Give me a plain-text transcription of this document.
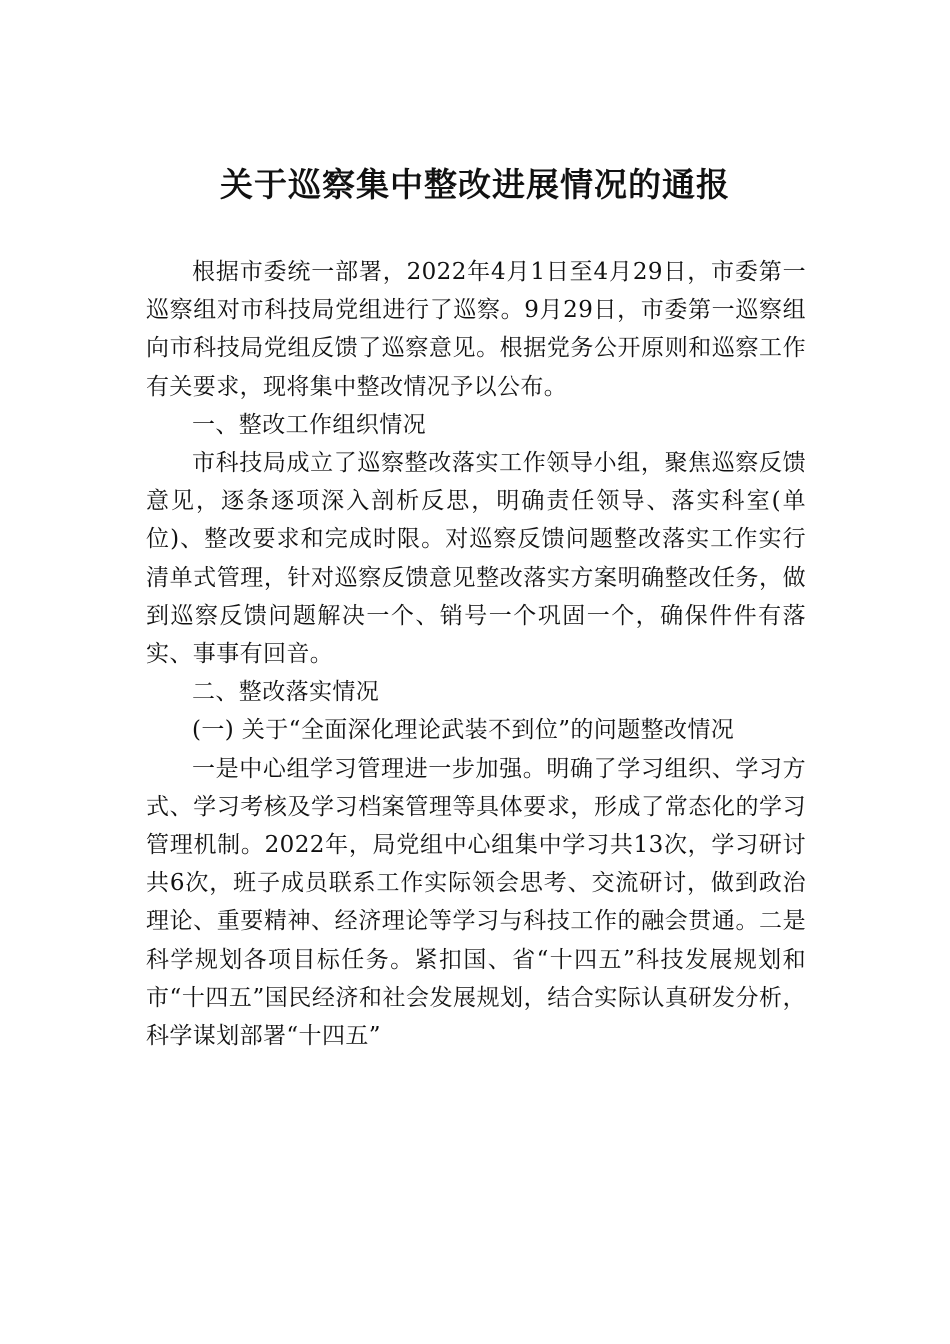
关于巡察集中整改进展情况的通报

根据市委统一部署，2022年4月1日至4月29日，市委第一巡察组对市科技局党组进行了巡察。9月29日，市委第一巡察组向市科技局党组反馈了巡察意见。根据党务公开原则和巡察工作有关要求，现将集中整改情况予以公布。

一、整改工作组织情况

市科技局成立了巡察整改落实工作领导小组，聚焦巡察反馈意见，逐条逐项深入剖析反思，明确责任领导、落实科室(单位)、整改要求和完成时限。对巡察反馈问题整改落实工作实行清单式管理，针对巡察反馈意见整改落实方案明确整改任务，做到巡察反馈问题解决一个、销号一个巩固一个，确保件件有落实、事事有回音。

二、整改落实情况

(一) 关于“全面深化理论武装不到位”的问题整改情况

一是中心组学习管理进一步加强。明确了学习组织、学习方式、学习考核及学习档案管理等具体要求，形成了常态化的学习管理机制。2022年，局党组中心组集中学习共13次，学习研讨共6次，班子成员联系工作实际领会思考、交流研讨，做到政治理论、重要精神、经济理论等学习与科技工作的融会贯通。二是科学规划各项目标任务。紧扣国、省“十四五”科技发展规划和市“十四五”国民经济和社会发展规划，结合实际认真研发分析，科学谋划部署“十四五”
